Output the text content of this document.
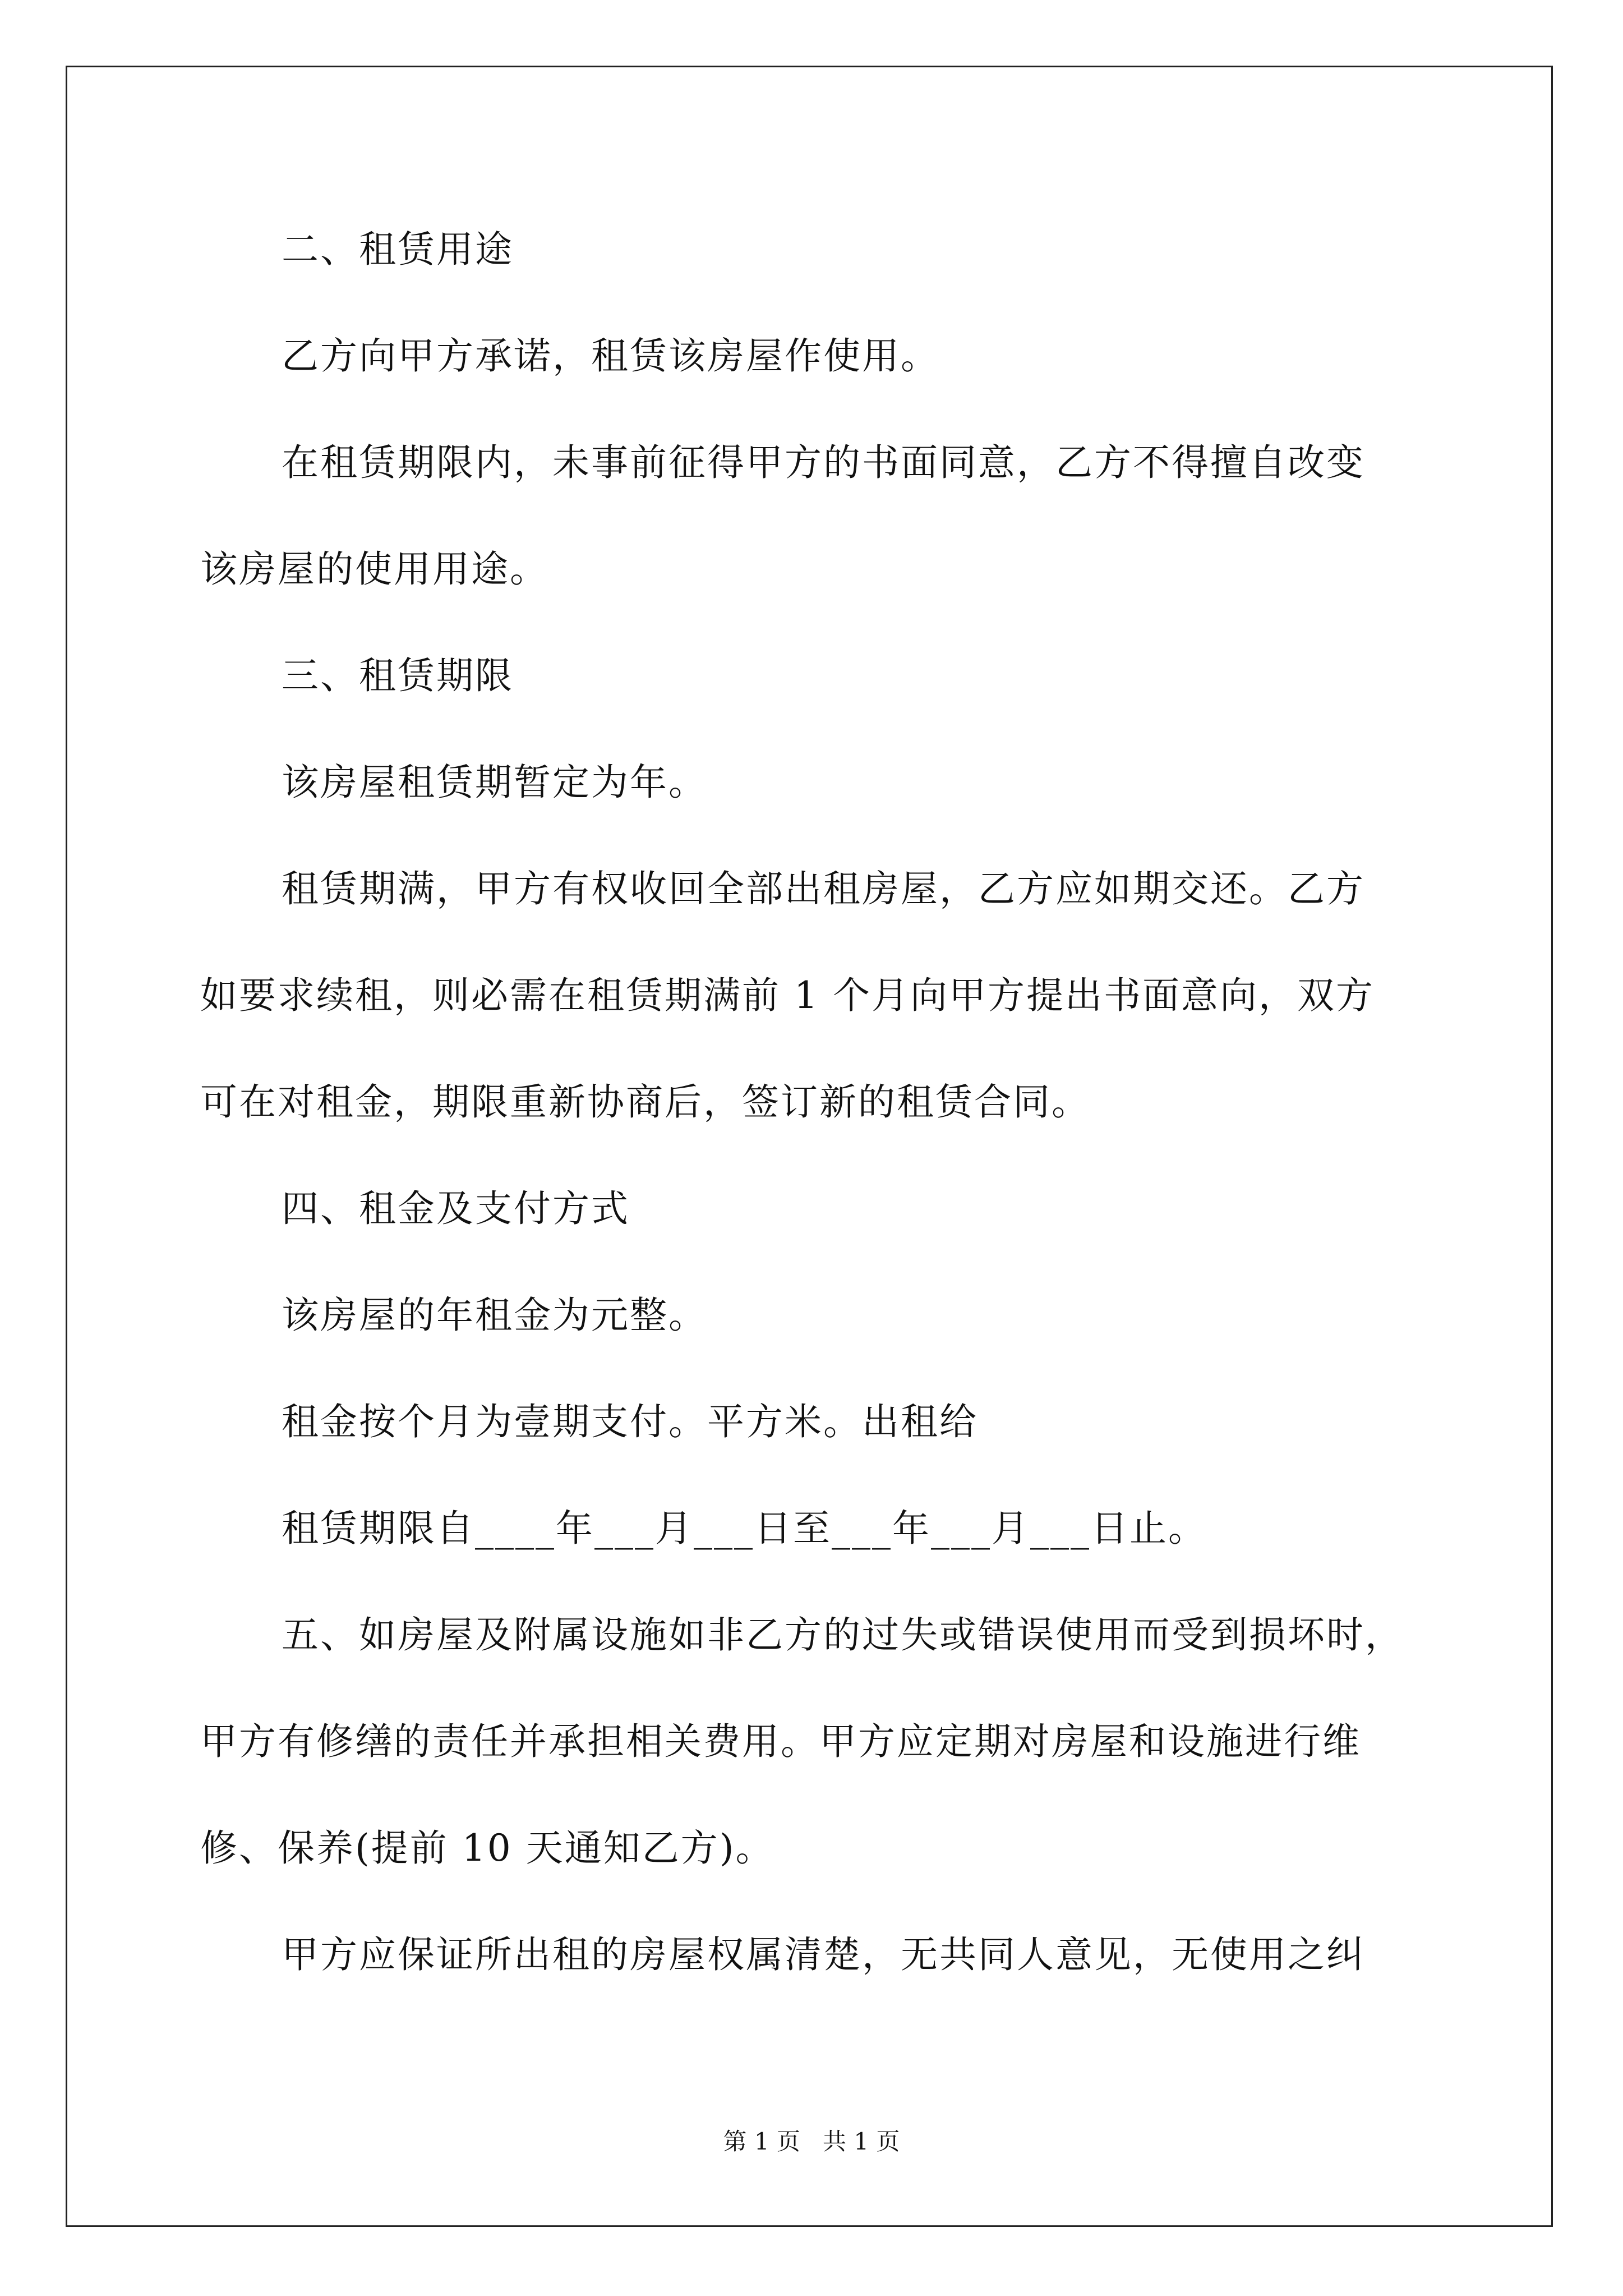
二、租赁用途
乙方向甲方承诺，租赁该房屋作使用。
在租赁期限内，未事前征得甲方的书面同意，乙方不得擅自改变
该房屋的使用用途。
三、租赁期限
该房屋租赁期暂定为年。
租赁期满，甲方有权收回全部出租房屋，乙方应如期交还。乙方
如要求续租，则必需在租赁期满前 1 个月向甲方提出书面意向，双方
可在对租金，期限重新协商后，签订新的租赁合同。
四、租金及支付方式
该房屋的年租金为元整。
租金按个月为壹期支付。平方米。出租给
租赁期限自____年___月___日至___年___月___日止。
五、如房屋及附属设施如非乙方的过失或错误使用而受到损坏时，
甲方有修缮的责任并承担相关费用。甲方应定期对房屋和设施进行维
修、保养(提前 10 天通知乙方)。
甲方应保证所出租的房屋权属清楚，无共同人意见，无使用之纠
第 1 页   共 1 页
